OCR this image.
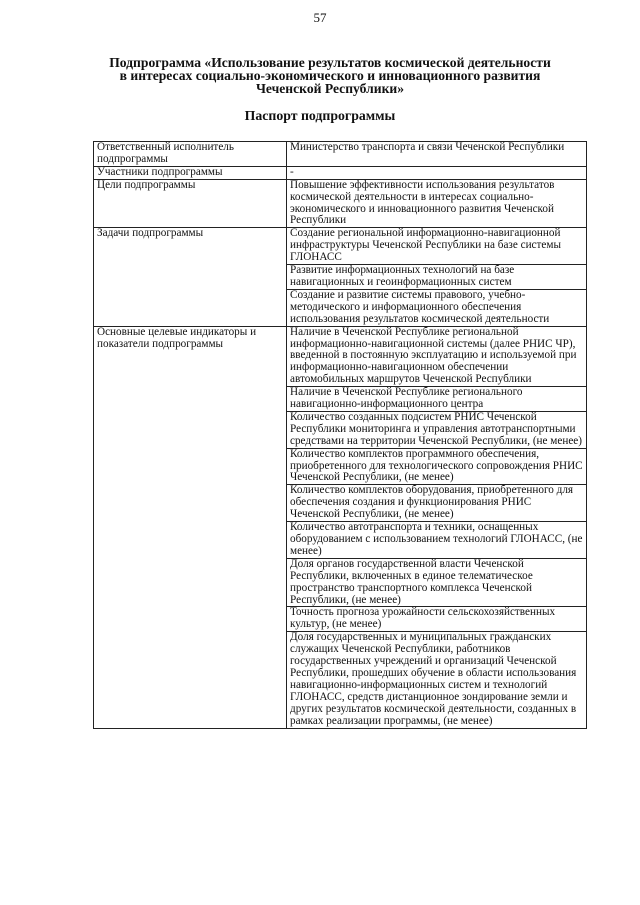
57
Подпрограмма «Использование результатов космической деятельности
в интересах социально-экономического и инновационного развития
Чеченской Республики»
Паспорт подпрограммы
Ответственный исполнитель подпрограммы	Министерство транспорта и связи Чеченской Республики
Участники подпрограммы	-
Цели подпрограммы	Повышение эффективности использования результатов космической деятельности в интересах социально-экономического и инновационного развития Чеченской Республики
Задачи подпрограммы	Создание региональной информационно-навигационной инфраструктуры Чеченской Республики на базе системы ГЛОНАСС
	Развитие информационных технологий на базе навигационных и геоинформационных систем
	Создание и развитие системы правового, учебно-методического и информационного обеспечения использования результатов космической деятельности
Основные целевые индикаторы и показатели подпрограммы	Наличие в Чеченской Республике региональной информационно-навигационной системы (далее РНИС ЧР), введенной в постоянную эксплуатацию и используемой при информационно-навигационном обеспечении автомобильных маршрутов Чеченской Республики
	Наличие в Чеченской Республике регионального навигационно-информационного центра
	Количество созданных подсистем РНИС Чеченской Республики мониторинга и управления автотранспортными средствами на территории Чеченской Республики, (не менее)
	Количество комплектов программного обеспечения, приобретенного для технологического сопровождения РНИС Чеченской Республики, (не менее)
	Количество комплектов оборудования, приобретенного для обеспечения создания и функционирования РНИС Чеченской Республики, (не менее)
	Количество автотранспорта и техники, оснащенных оборудованием с использованием технологий ГЛОНАСС, (не менее)
	Доля органов государственной власти Чеченской Республики, включенных в единое телематическое пространство транспортного комплекса Чеченской Республики, (не менее)
	Точность прогноза урожайности сельскохозяйственных культур, (не менее)
	Доля государственных и муниципальных гражданских служащих Чеченской Республики, работников государственных учреждений и организаций Чеченской Республики, прошедших обучение в области использования навигационно-информационных систем и технологий ГЛОНАСС, средств дистанционное зондирование земли и других результатов космической деятельности, созданных в рамках реализации программы, (не менее)
